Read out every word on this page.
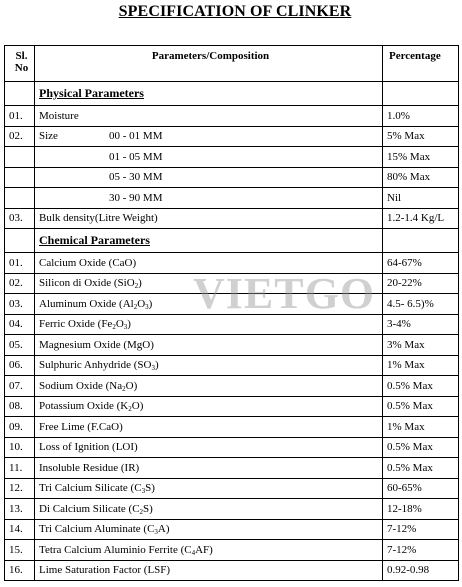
SPECIFICATION OF CLINKER
Sl.
No	Parameters/Composition	Percentage
	Physical Parameters	
01.	Moisture	1.0%
02.	Size 00 - 01 MM	5% Max
	01 - 05 MM	15% Max
	05 - 30 MM	80% Max
	30 - 90 MM	Nil
03.	Bulk density(Litre Weight)	1.2-1.4 Kg/L
	Chemical Parameters	
01.	Calcium Oxide (CaO)	64-67%
02.	Silicon di Oxide (SiO$_2$)	20-22%
03.	Aluminum Oxide $(Al_2O_3)$	4.5- 6.5)%
04.	Ferric Oxide $(Fe_2O_3)$	3-4%
05.	Magnesium Oxide (MgO)	3% Max
06.	Sulphuric Anhydride $(SO_3)$	1% Max
07.	Sodium Oxide $(Na_2O)$	0.5% Max
08.	Potassium Oxide $(K_2O)$	0.5% Max
09.	Free Lime (F.CaO)	1% Max
10.	Loss of Ignition (LOI)	0.5% Max
11.	Insoluble Residue (IR)	0.5% Max
12.	Tri Calcium Silicate $(C_3S)$	60-65%
13.	Di Calcium Silicate $(C_2S)$	12-18%
14.	Tri Calcium Aluminate $(C_3A)$	7-12%
15.	Tetra Calcium Aluminio Ferrite $(C_4AF)$	7-12%
16.	Lime Saturation Factor (LSF)	0.92-0.98
VIETGO
